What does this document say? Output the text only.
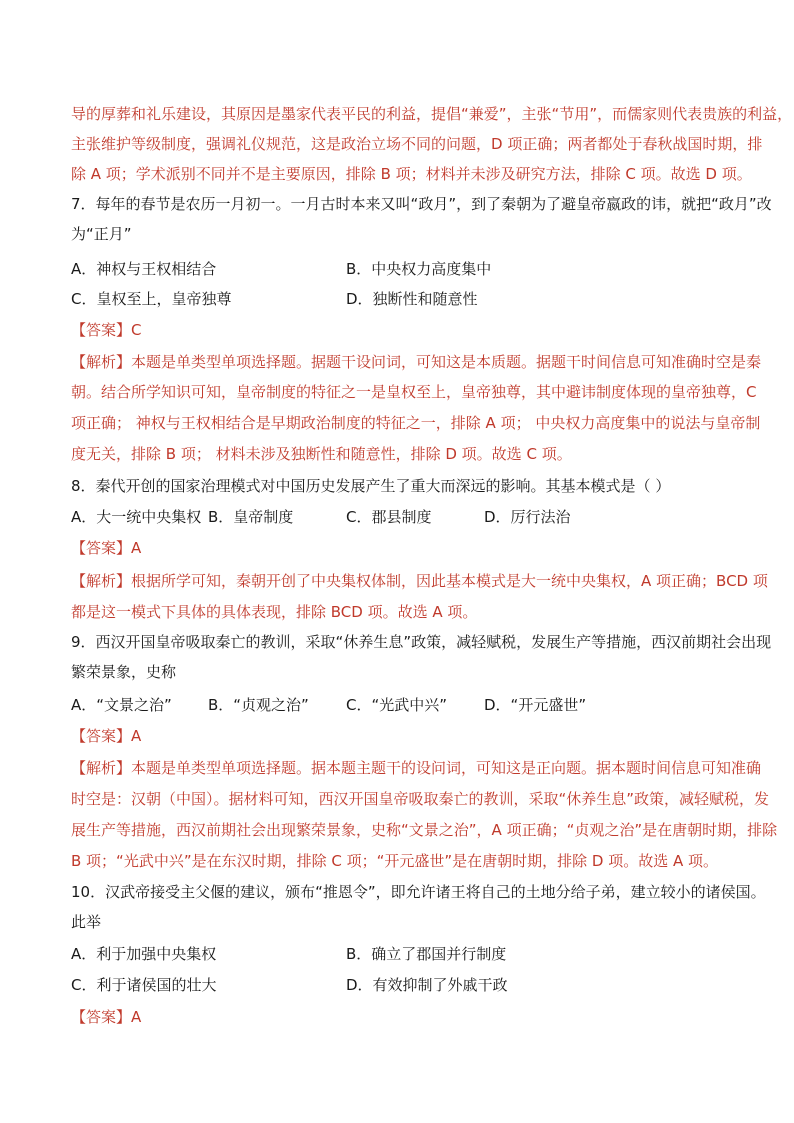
导的厚葬和礼乐建设，其原因是墨家代表平民的利益，提倡“兼爱”，主张“节用”，而儒家则代表贵族的利益，
主张维护等级制度，强调礼仪规范，这是政治立场不同的问题，D 项正确；两者都处于春秋战国时期，排
除 A 项；学术派别不同并不是主要原因，排除 B 项；材料并未涉及研究方法，排除 C 项。故选 D 项。
7．每年的春节是农历一月初一。一月古时本来又叫“政月”，到了秦朝为了避皇帝嬴政的讳，就把“政月”改
为“正月”
A．神权与王权相结合	B．中央权力高度集中
C．皇权至上，皇帝独尊	D．独断性和随意性
【答案】C
【解析】本题是单类型单项选择题。据题干设问词，可知这是本质题。据题干时间信息可知准确时空是秦
朝。结合所学知识可知，皇帝制度的特征之一是皇权至上，皇帝独尊，其中避讳制度体现的皇帝独尊，C
项正确； 神权与王权相结合是早期政治制度的特征之一，排除 A 项； 中央权力高度集中的说法与皇帝制
度无关，排除 B 项； 材料未涉及独断性和随意性，排除 D 项。故选 C 项。
8．秦代开创的国家治理模式对中国历史发展产生了重大而深远的影响。其基本模式是（ ）
A．大一统中央集权 B．皇帝制度	C．郡县制度	D．厉行法治
【答案】A
【解析】根据所学可知，秦朝开创了中央集权体制，因此基本模式是大一统中央集权，A 项正确；BCD 项
都是这一模式下具体的具体表现，排除 BCD 项。故选 A 项。
9．西汉开国皇帝吸取秦亡的教训，采取“休养生息”政策，减轻赋税，发展生产等措施，西汉前期社会出现
繁荣景象，史称
A．“文景之治” B．“贞观之治” C．“光武中兴” D．“开元盛世”
【答案】A
【解析】本题是单类型单项选择题。据本题主题干的设问词，可知这是正向题。据本题时间信息可知准确
时空是：汉朝（中国）。据材料可知，西汉开国皇帝吸取秦亡的教训，采取“休养生息”政策，减轻赋税，发
展生产等措施，西汉前期社会出现繁荣景象，史称“文景之治”，A 项正确；“贞观之治”是在唐朝时期，排除
B 项；“光武中兴”是在东汉时期，排除 C 项；“开元盛世”是在唐朝时期，排除 D 项。故选 A 项。
10．汉武帝接受主父偃的建议，颁布“推恩令”，即允许诸王将自己的土地分给子弟，建立较小的诸侯国。
此举
A．利于加强中央集权	B．确立了郡国并行制度
C．利于诸侯国的壮大	D．有效抑制了外戚干政
【答案】A
